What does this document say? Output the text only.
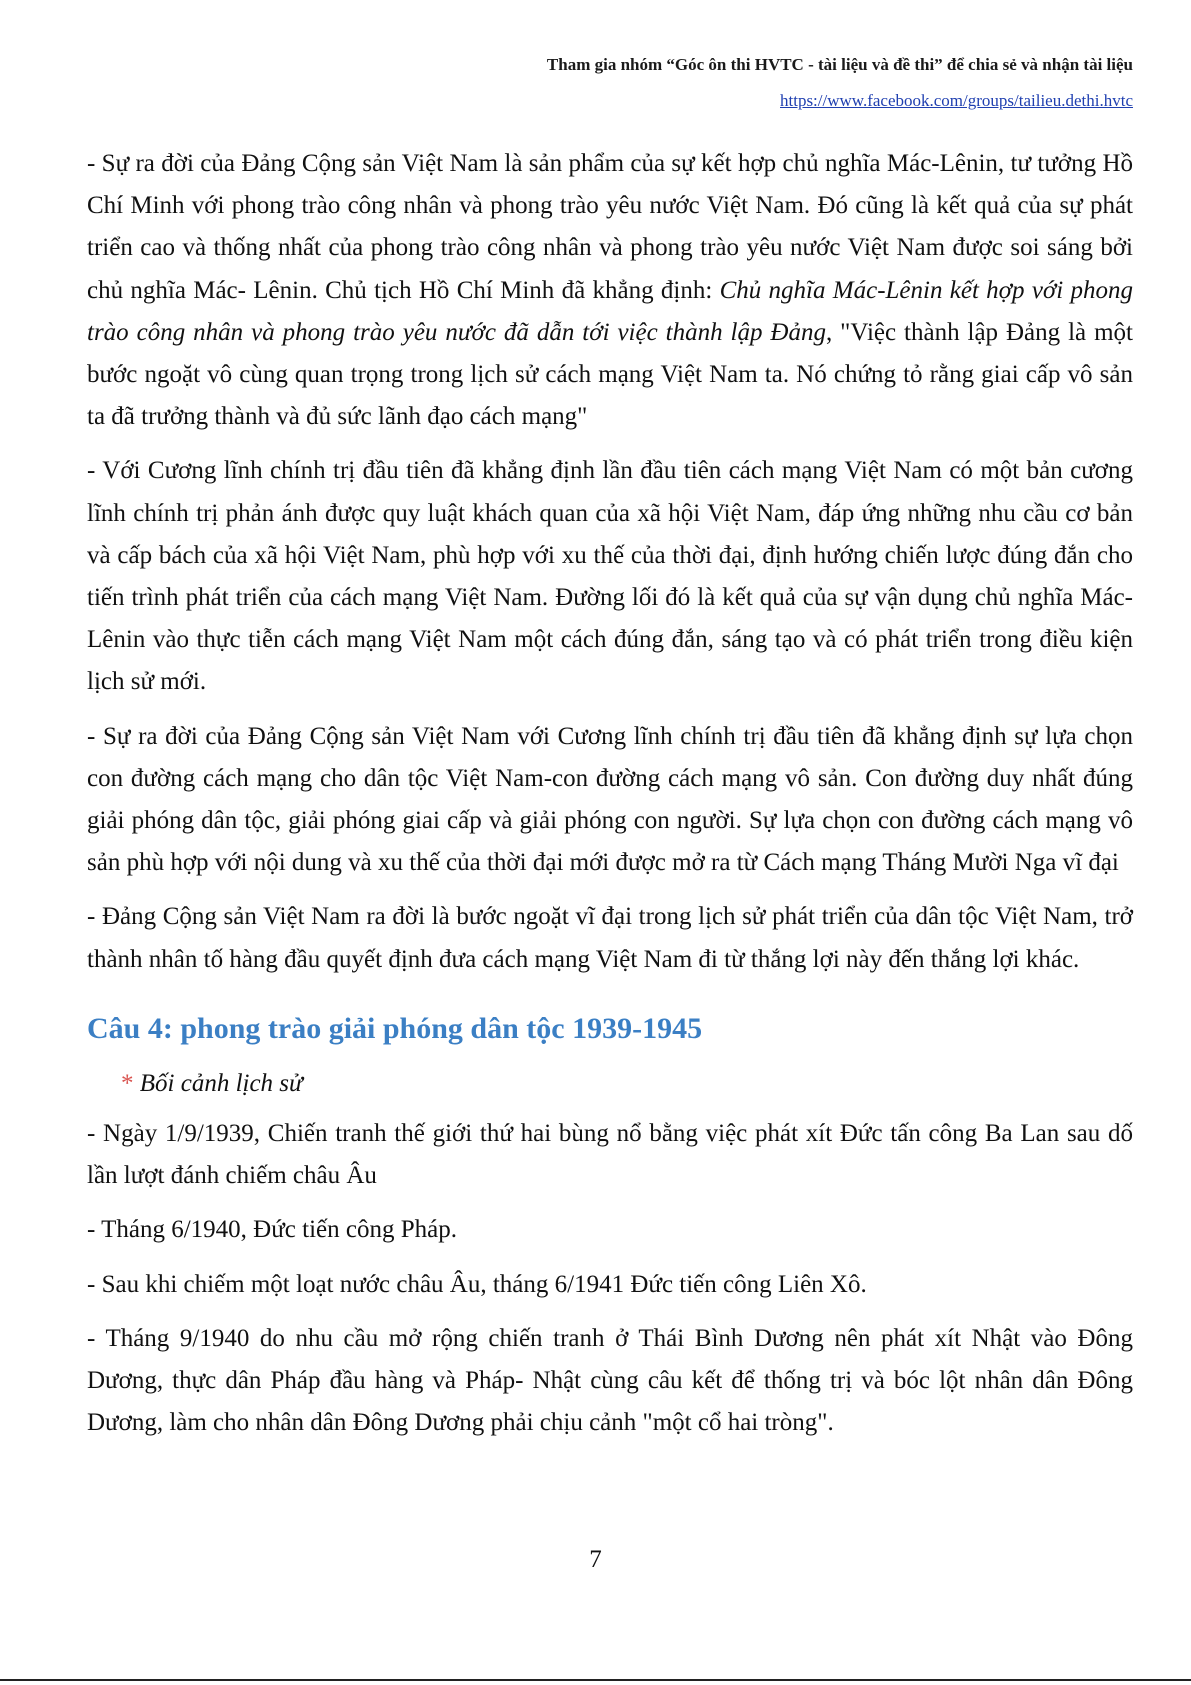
Tham gia nhóm “Góc ôn thi HVTC - tài liệu và đề thi” để chia sẻ và nhận tài liệu
https://www.facebook.com/groups/tailieu.dethi.hvtc

- Sự ra đời của Đảng Cộng sản Việt Nam là sản phẩm của sự kết hợp chủ nghĩa Mác-Lênin, tư tưởng Hồ Chí Minh với phong trào công nhân và phong trào yêu nước Việt Nam. Đó cũng là kết quả của sự phát triển cao và thống nhất của phong trào công nhân và phong trào yêu nước Việt Nam được soi sáng bởi chủ nghĩa Mác- Lênin. Chủ tịch Hồ Chí Minh đã khẳng định: Chủ nghĩa Mác-Lênin kết hợp với phong trào công nhân và phong trào yêu nước đã dẫn tới việc thành lập Đảng, "Việc thành lập Đảng là một bước ngoặt vô cùng quan trọng trong lịch sử cách mạng Việt Nam ta. Nó chứng tỏ rằng giai cấp vô sản ta đã trưởng thành và đủ sức lãnh đạo cách mạng"

- Với Cương lĩnh chính trị đầu tiên đã khẳng định lần đầu tiên cách mạng Việt Nam có một bản cương lĩnh chính trị phản ánh được quy luật khách quan của xã hội Việt Nam, đáp ứng những nhu cầu cơ bản và cấp bách của xã hội Việt Nam, phù hợp với xu thế của thời đại, định hướng chiến lược đúng đắn cho tiến trình phát triển của cách mạng Việt Nam. Đường lối đó là kết quả của sự vận dụng chủ nghĩa Mác- Lênin vào thực tiễn cách mạng Việt Nam một cách đúng đắn, sáng tạo và có phát triển trong điều kiện lịch sử mới.

- Sự ra đời của Đảng Cộng sản Việt Nam với Cương lĩnh chính trị đầu tiên đã khẳng định sự lựa chọn con đường cách mạng cho dân tộc Việt Nam-con đường cách mạng vô sản. Con đường duy nhất đúng giải phóng dân tộc, giải phóng giai cấp và giải phóng con người. Sự lựa chọn con đường cách mạng vô sản phù hợp với nội dung và xu thế của thời đại mới được mở ra từ Cách mạng Tháng Mười Nga vĩ đại

- Đảng Cộng sản Việt Nam ra đời là bước ngoặt vĩ đại trong lịch sử phát triển của dân tộc Việt Nam, trở thành nhân tố hàng đầu quyết định đưa cách mạng Việt Nam đi từ thắng lợi này đến thắng lợi khác.

Câu 4: phong trào giải phóng dân tộc 1939-1945

* Bối cảnh lịch sử

- Ngày 1/9/1939, Chiến tranh thế giới thứ hai bùng nổ bằng việc phát xít Đức tấn công Ba Lan sau dố lần lượt đánh chiếm châu Âu

- Tháng 6/1940, Đức tiến công Pháp.

- Sau khi chiếm một loạt nước châu Âu, tháng 6/1941 Đức tiến công Liên Xô.

- Tháng 9/1940 do nhu cầu mở rộng chiến tranh ở Thái Bình Dương nên phát xít Nhật vào Đông Dương, thực dân Pháp đầu hàng và Pháp- Nhật cùng câu kết để thống trị và bóc lột nhân dân Đông Dương, làm cho nhân dân Đông Dương phải chịu cảnh "một cổ hai tròng".

7
